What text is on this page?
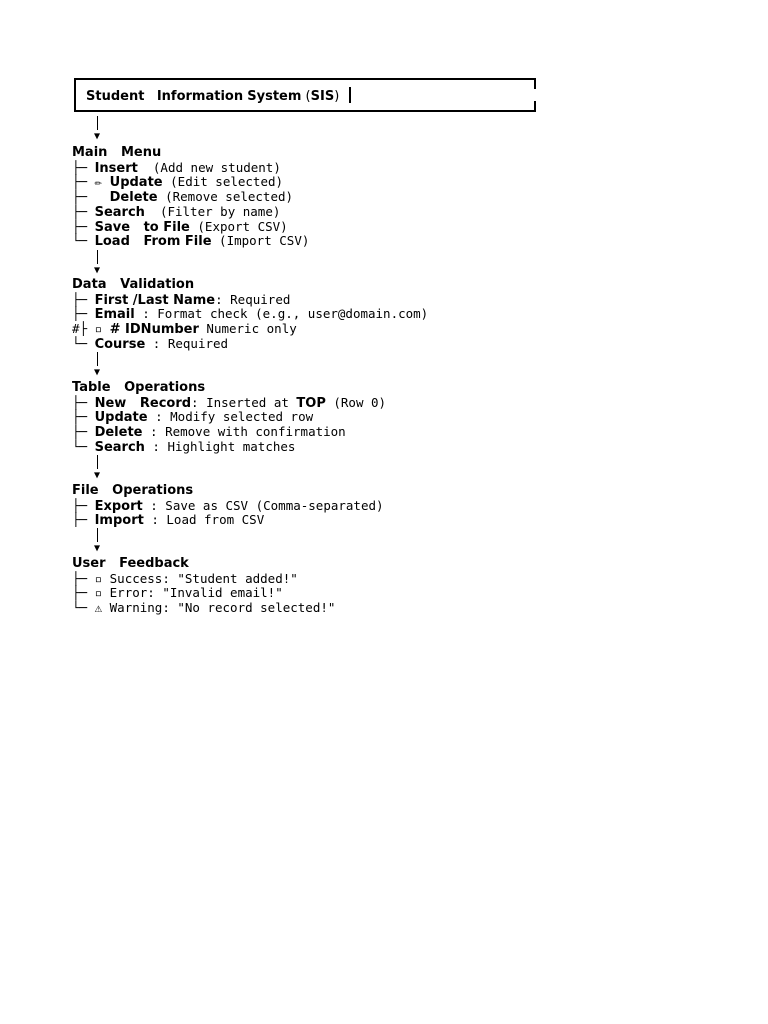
Student Information System (SIS)
▼
Main   Menu
├─ Insert  (Add new student)
├─ ✏ Update (Edit selected)
├─   Delete (Remove selected)
├─ Search  (Filter by name)
├─ Save   to File (Export CSV)
└─ Load   From File (Import CSV)
▼
Data   Validation
├─ First /Last Name: Required
├─ Email : Format check (e.g., user@domain.com)
#├ ▫ # IDNumber Numeric only
└─ Course : Required
▼
Table   Operations
├─ New   Record: Inserted at TOP (Row 0)
├─ Update : Modify selected row
├─ Delete : Remove with confirmation
└─ Search : Highlight matches
▼
File   Operations
├─ Export : Save as CSV (Comma-separated)
├─ Import : Load from CSV
▼
User   Feedback
├─ ▫ Success: "Student added!"
├─ ▫ Error: "Invalid email!"
└─ ⚠ Warning: "No record selected!"
